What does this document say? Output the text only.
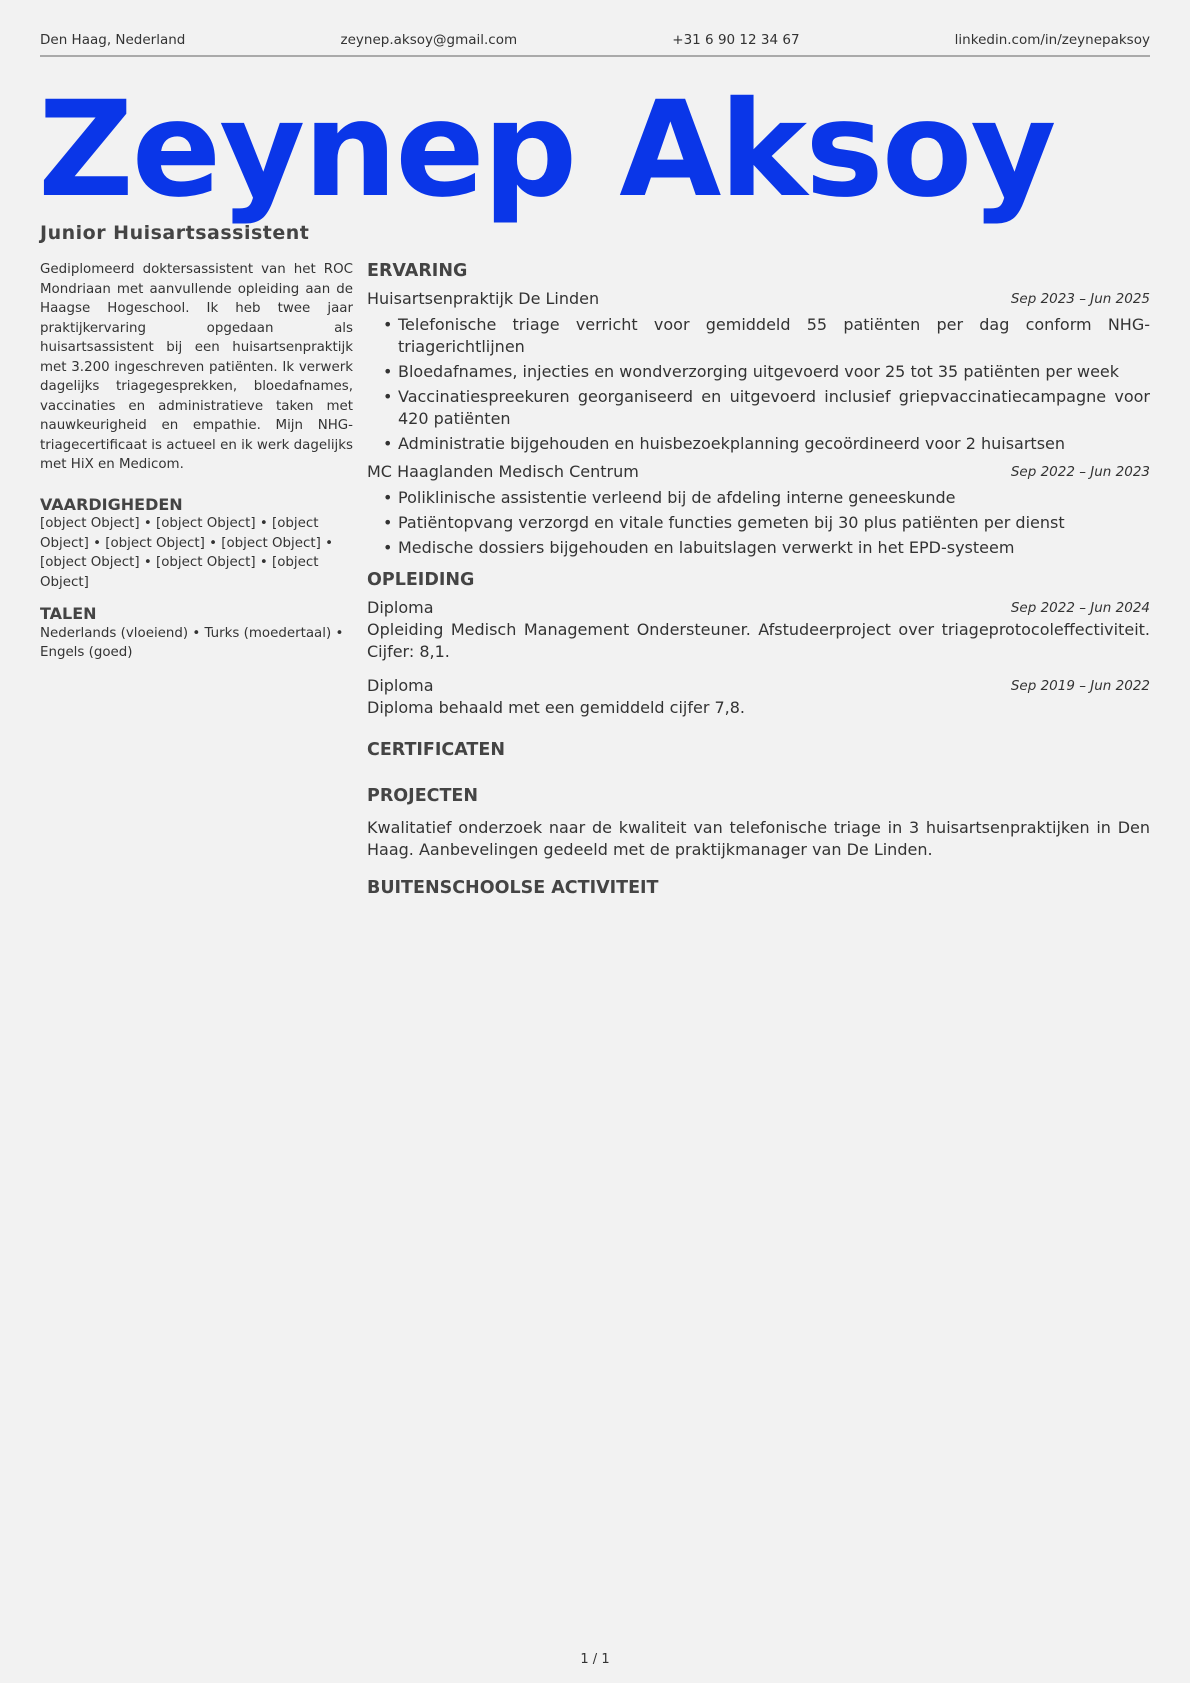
Den Haag, Nederland	zeynep.aksoy@gmail.com	+31 6 90 12 34 67	linkedin.com/in/zeynepaksoy
Zeynep Aksoy
Junior Huisartsassistent

Gediplomeerd doktersassistent van het ROC Mondriaan met aanvullende opleiding aan de Haagse Hogeschool. Ik heb twee jaar praktijkervaring opgedaan als huisartsassistent bij een huisartsenpraktijk met 3.200 ingeschreven patiënten. Ik verwerk dagelijks triagegesprekken, bloedafnames, vaccinaties en administratieve taken met nauwkeurigheid en empathie. Mijn NHG-triagecertificaat is actueel en ik werk dagelijks met HiX en Medicom.

VAARDIGHEDEN
[object Object] • [object Object] • [object Object] • [object Object] • [object Object] • [object Object] • [object Object] • [object Object]
TALEN
Nederlands (vloeiend) • Turks (moedertaal) • Engels (goed)
ERVARING
Huisartsenpraktijk De Linden	Sep 2023 – Jun 2025
• Telefonische triage verricht voor gemiddeld 55 patiënten per dag conform NHG-triagerichtlijnen
• Bloedafnames, injecties en wondverzorging uitgevoerd voor 25 tot 35 patiënten per week
• Vaccinatiespreekuren georganiseerd en uitgevoerd inclusief griepvaccinatiecampagne voor 420 patiënten
• Administratie bijgehouden en huisbezoekplanning gecoördineerd voor 2 huisartsen
MC Haaglanden Medisch Centrum	Sep 2022 – Jun 2023
• Poliklinische assistentie verleend bij de afdeling interne geneeskunde
• Patiëntopvang verzorgd en vitale functies gemeten bij 30 plus patiënten per dienst
• Medische dossiers bijgehouden en labuitslagen verwerkt in het EPD-systeem
OPLEIDING
Diploma	Sep 2022 – Jun 2024
Opleiding Medisch Management Ondersteuner. Afstudeerproject over triageprotocoleffectiviteit. Cijfer: 8,1.
Diploma	Sep 2019 – Jun 2022
Diploma behaald met een gemiddeld cijfer 7,8.
CERTIFICATEN
PROJECTEN
Kwalitatief onderzoek naar de kwaliteit van telefonische triage in 3 huisartsenpraktijken in Den Haag. Aanbevelingen gedeeld met de praktijkmanager van De Linden.
BUITENSCHOOLSE ACTIVITEIT
1 / 1
